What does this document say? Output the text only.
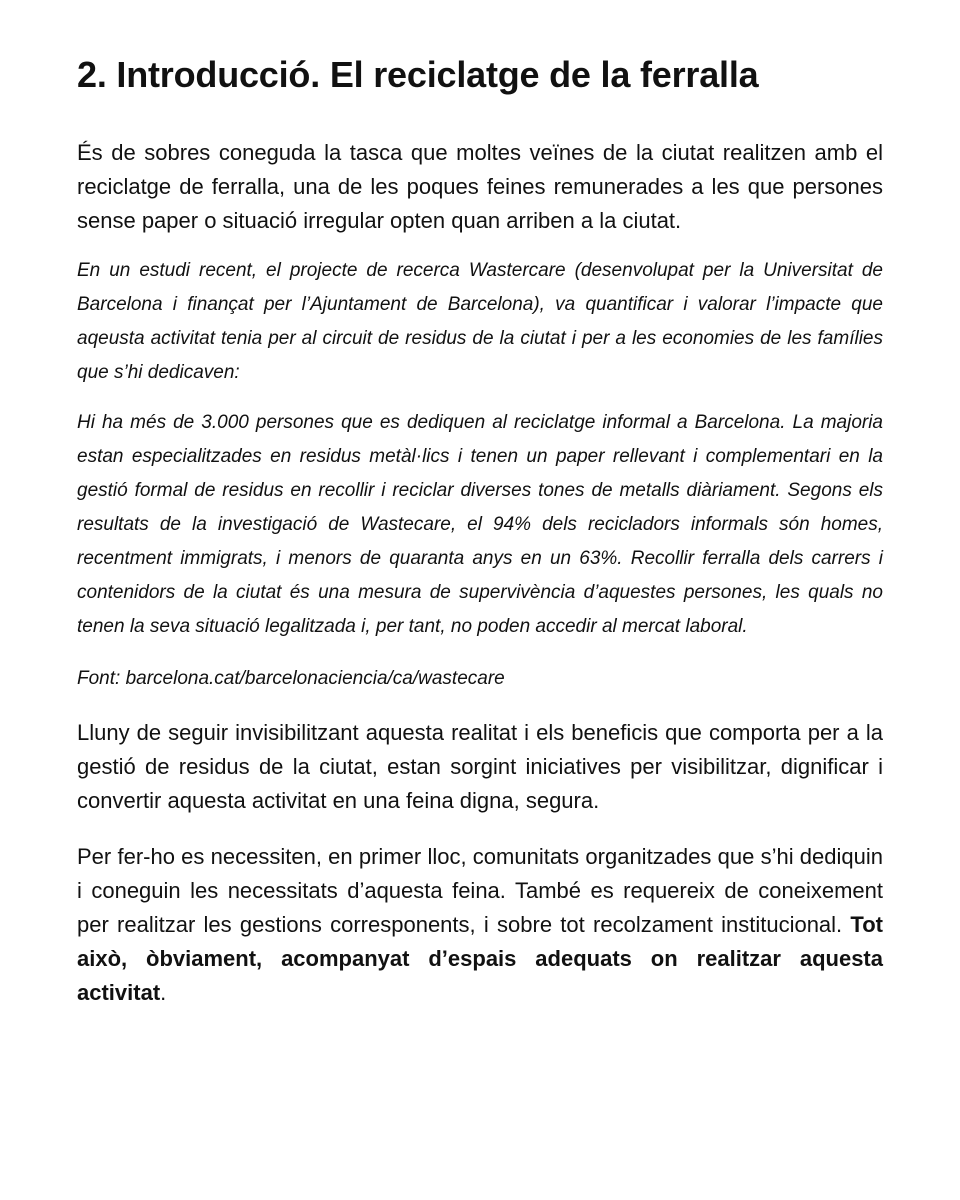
2. Introducció. El reciclatge de la ferralla

És de sobres coneguda la tasca que moltes veïnes de la ciutat realitzen amb el reciclatge de ferralla, una de les poques feines remunerades a les que persones sense paper o situació irregular opten quan arriben a la ciutat.

En un estudi recent, el projecte de recerca Wastercare (desenvolupat per la Universitat de Barcelona i finançat per l’Ajuntament de Barcelona), va quantificar i valorar l’impacte que aqeusta activitat tenia per al circuit de residus de la ciutat i per a les economies de les famílies que s’hi dedicaven:

Hi ha més de 3.000 persones que es dediquen al reciclatge informal a Barcelona. La majoria estan especialitzades en residus metàl·lics i tenen un paper rellevant i complementari en la gestió formal de residus en recollir i reciclar diverses tones de metalls diàriament. Segons els resultats de la investigació de Wastecare, el 94% dels recicladors informals són homes, recentment immigrats, i menors de quaranta anys en un 63%. Recollir ferralla dels carrers i contenidors de la ciutat és una mesura de supervivència d’aquestes persones, les quals no tenen la seva situació legalitzada i, per tant, no poden accedir al mercat laboral.

Font: barcelona.cat/barcelonaciencia/ca/wastecare

Lluny de seguir invisibilitzant aquesta realitat i els beneficis que comporta per a la gestió de residus de la ciutat, estan sorgint iniciatives per visibilitzar, dignificar i convertir aquesta activitat en una feina digna, segura.

Per fer-ho es necessiten, en primer lloc, comunitats organitzades que s’hi dediquin i coneguin les necessitats d’aquesta feina. També es requereix de coneixement per realitzar les gestions corresponents, i sobre tot recolzament institucional. Tot això, òbviament, acompanyat d’espais adequats on realitzar aquesta activitat.
